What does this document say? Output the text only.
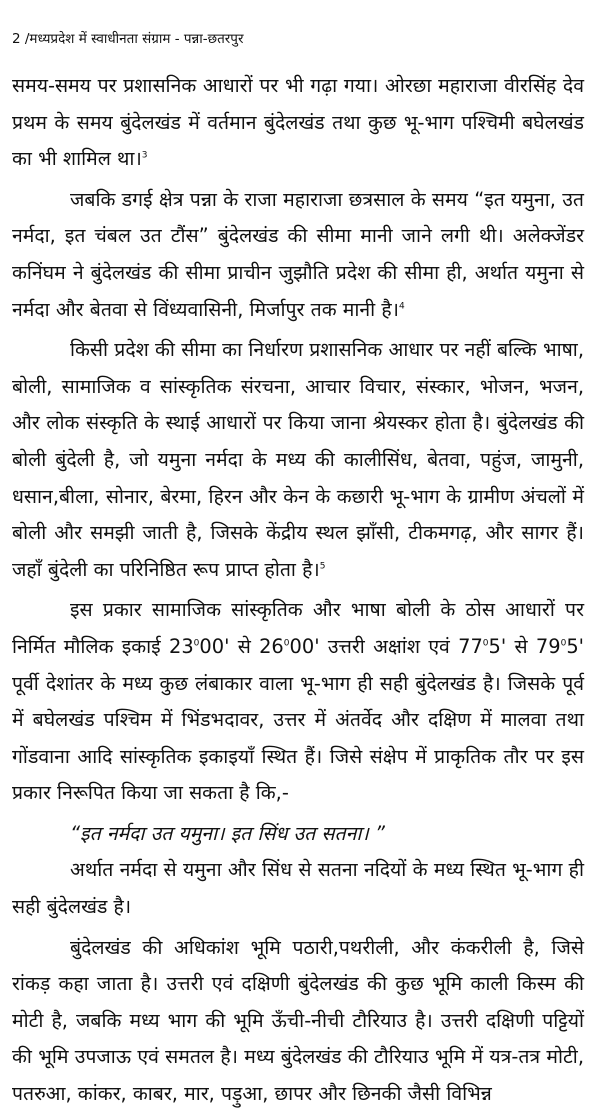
2 /मध्यप्रदेश में स्वाधीनता संग्राम - पन्ना-छतरपुर

समय-समय पर प्रशासनिक आधारों पर भी गढ़ा गया। ओरछा महाराजा वीरसिंह देव प्रथम के समय बुंदेलखंड में वर्तमान बुंदेलखंड तथा कुछ भू-भाग पश्चिमी बघेलखंड का भी शामिल था।$^3$

जबकि डगई क्षेत्र पन्ना के राजा महाराजा छत्रसाल के समय “इत यमुना, उत नर्मदा, इत चंबल उत टौंस” बुंदेलखंड की सीमा मानी जाने लगी थी। अलेक्जेंडर कनिंघम ने बुंदेलखंड की सीमा प्राचीन जुझौति प्रदेश की सीमा ही, अर्थात यमुना से नर्मदा और बेतवा से विंध्यवासिनी, मिर्जापुर तक मानी है।$^4$

किसी प्रदेश की सीमा का निर्धारण प्रशासनिक आधार पर नहीं बल्कि भाषा, बोली, सामाजिक व सांस्कृतिक संरचना, आचार विचार, संस्कार, भोजन, भजन, और लोक संस्कृति के स्थाई आधारों पर किया जाना श्रेयस्कर होता है। बुंदेलखंड की बोली बुंदेली है, जो यमुना नर्मदा के मध्य की कालीसिंध, बेतवा, पहुंज, जामुनी, धसान,बीला, सोनार, बेरमा, हिरन और केन के कछारी भू-भाग के ग्रामीण अंचलों में बोली और समझी जाती है, जिसके केंद्रीय स्थल झाँसी, टीकमगढ़, और सागर हैं। जहाँ बुंदेली का परिनिष्ठित रूप प्राप्त होता है।$^5$

इस प्रकार सामाजिक सांस्कृतिक और भाषा बोली के ठोस आधारों पर निर्मित मौलिक इकाई $23^000'$ से $26^000'$ उत्तरी अक्षांश एवं $77^05'$ से $79^05'$ पूर्वी देशांतर के मध्य कुछ लंबाकार वाला भू-भाग ही सही बुंदेलखंड है। जिसके पूर्व में बघेलखंड पश्चिम में भिंडभदावर, उत्तर में अंतर्वेद और दक्षिण में मालवा तथा गोंडवाना आदि सांस्कृतिक इकाइयाँ स्थित हैं। जिसे संक्षेप में प्राकृतिक तौर पर इस प्रकार निरूपित किया जा सकता है कि,-

“इत नर्मदा उत यमुना। इत सिंध उत सतना। ”

अर्थात नर्मदा से यमुना और सिंध से सतना नदियों के मध्य स्थित भू-भाग ही सही बुंदेलखंड है।

बुंदेलखंड की अधिकांश भूमि पठारी,पथरीली, और कंकरीली है, जिसे रांकड़ कहा जाता है। उत्तरी एवं दक्षिणी बुंदेलखंड की कुछ भूमि काली किस्म की मोटी है, जबकि मध्य भाग की भूमि ऊँची-नीची टौरियाउ है। उत्तरी दक्षिणी पट्टियों की भूमि उपजाऊ एवं समतल है। मध्य बुंदेलखंड की टौरियाउ भूमि में यत्र-तत्र मोटी, पतरुआ, कांकर, काबर, मार, पड़ुआ, छापर और छिनकी जैसी विभिन्न
